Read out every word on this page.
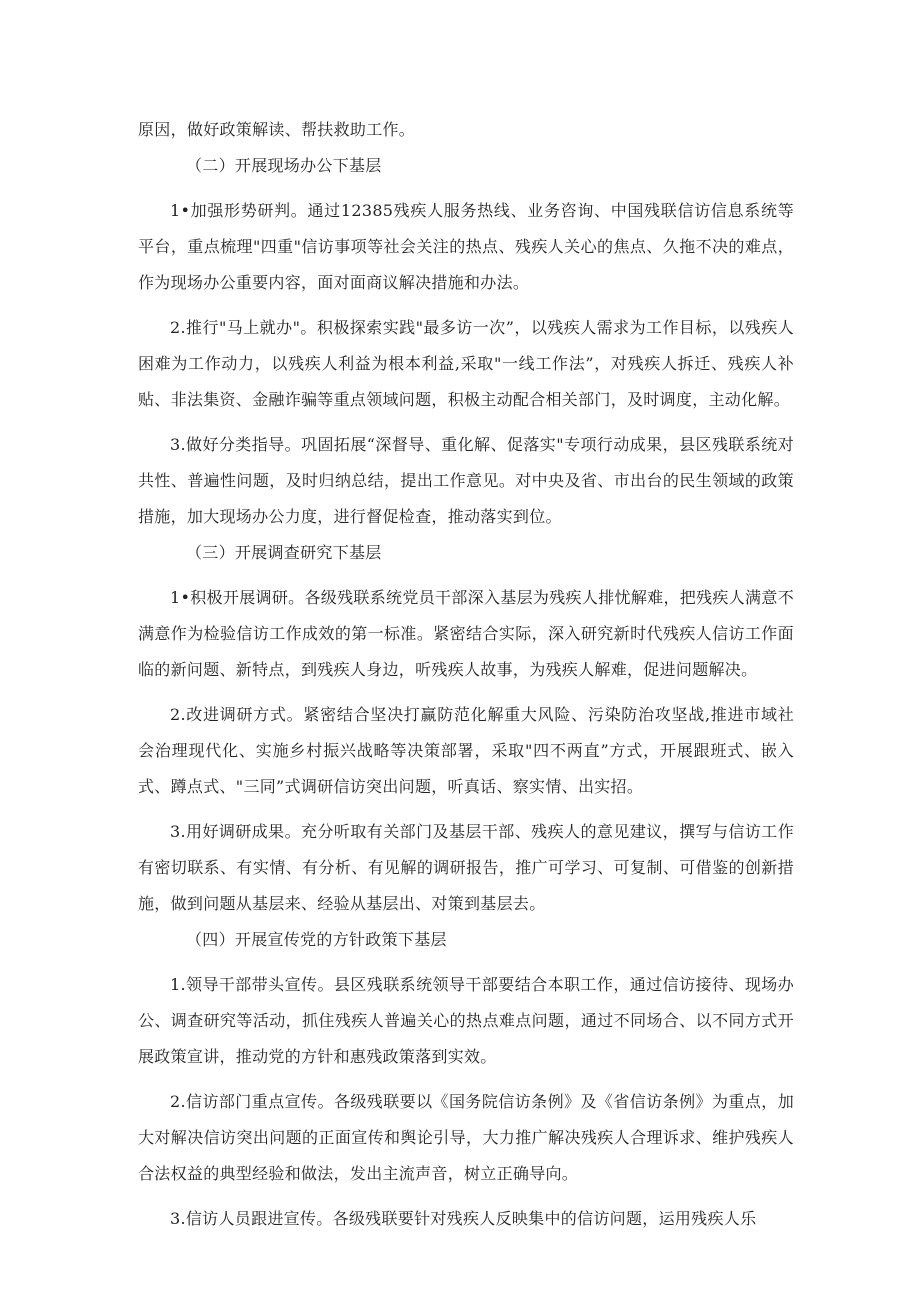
原因，做好政策解读、帮扶救助工作。

（二）开展现场办公下基层

1•加强形势研判。通过12385残疾人服务热线、业务咨询、中国残联信访信息系统等平台，重点梳理"四重"信访事项等社会关注的热点、残疾人关心的焦点、久拖不决的难点，作为现场办公重要内容，面对面商议解决措施和办法。

2.推行"马上就办"。积极探索实践"最多访一次”，以残疾人需求为工作目标，以残疾人困难为工作动力，以残疾人利益为根本利益,采取"一线工作法”，对残疾人拆迁、残疾人补贴、非法集资、金融诈骗等重点领域问题，积极主动配合相关部门，及时调度，主动化解。

3.做好分类指导。巩固拓展“深督导、重化解、促落实"专项行动成果，县区残联系统对共性、普遍性问题，及时归纳总结，提出工作意见。对中央及省、市出台的民生领域的政策措施，加大现场办公力度，进行督促检查，推动落实到位。

（三）开展调查研究下基层

1•积极开展调研。各级残联系统党员干部深入基层为残疾人排忧解难，把残疾人满意不满意作为检验信访工作成效的第一标准。紧密结合实际，深入研究新时代残疾人信访工作面临的新问题、新特点，到残疾人身边，听残疾人故事，为残疾人解难，促进问题解决。

2.改进调研方式。紧密结合坚决打赢防范化解重大风险、污染防治攻坚战,推进市域社会治理现代化、实施乡村振兴战略等决策部署，采取"四不两直”方式，开展跟班式、嵌入式、蹲点式、"三同”式调研信访突出问题，听真话、察实情、出实招。

3.用好调研成果。充分听取有关部门及基层干部、残疾人的意见建议，撰写与信访工作有密切联系、有实情、有分析、有见解的调研报告，推广可学习、可复制、可借鉴的创新措施，做到问题从基层来、经验从基层出、对策到基层去。

（四）开展宣传党的方针政策下基层

1.领导干部带头宣传。县区残联系统领导干部要结合本职工作，通过信访接待、现场办公、调查研究等活动，抓住残疾人普遍关心的热点难点问题，通过不同场合、以不同方式开展政策宣讲，推动党的方针和惠残政策落到实效。

2.信访部门重点宣传。各级残联要以《国务院信访条例》及《省信访条例》为重点，加大对解决信访突出问题的正面宣传和舆论引导，大力推广解决残疾人合理诉求、维护残疾人合法权益的典型经验和做法，发出主流声音，树立正确导向。

3.信访人员跟进宣传。各级残联要针对残疾人反映集中的信访问题，运用残疾人乐
